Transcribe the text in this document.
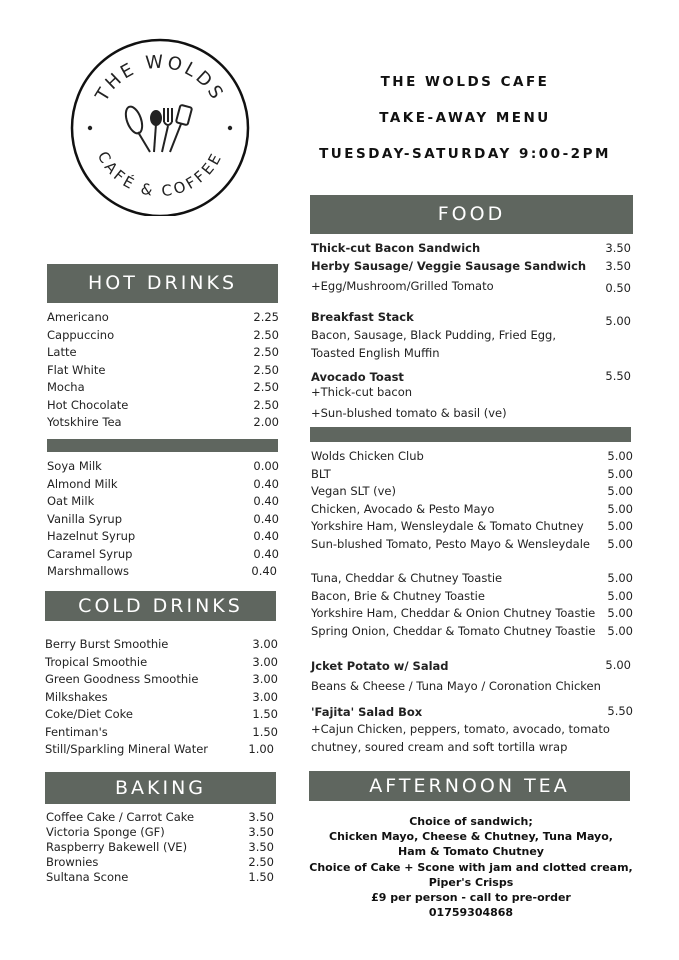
THE WOLDS
CAFÉ & COFFEE
THE WOLDS CAFE
TAKE-AWAY MENU
TUESDAY-SATURDAY 9:00-2PM
FOOD
Thick-cut Bacon Sandwich	3.50
Herby Sausage/ Veggie Sausage Sandwich 3.50
+Egg/Mushroom/Grilled Tomato	0.50
Breakfast Stack	5.00
Bacon, Sausage, Black Pudding, Fried Egg,
Toasted English Muffin
Avocado Toast	5.50
+Thick-cut bacon
+Sun-blushed tomato & basil (ve)
Wolds Chicken Club	5.00
BLT	5.00
Vegan SLT (ve)	5.00
Chicken, Avocado & Pesto Mayo	5.00
Yorkshire Ham, Wensleydale & Tomato Chutney 5.00
Sun-blushed Tomato, Pesto Mayo & Wensleydale 5.00
Tuna, Cheddar & Chutney Toastie	5.00
Bacon, Brie & Chutney Toastie	5.00
Yorkshire Ham, Cheddar & Onion Chutney Toastie 5.00
Spring Onion, Cheddar & Tomato Chutney Toastie 5.00
Jcket Potato w/ Salad	5.00
Beans & Cheese / Tuna Mayo / Coronation Chicken
'Fajita' Salad Box	5.50
+Cajun Chicken, peppers, tomato, avocado, tomato
chutney, soured cream and soft tortilla wrap
AFTERNOON TEA
Choice of sandwich;
Chicken Mayo, Cheese & Chutney, Tuna Mayo,
Ham & Tomato Chutney
Choice of Cake + Scone with jam and clotted cream,
Piper's Crisps
£9 per person - call to pre-order
01759304868
HOT DRINKS
Americano	2.25
Cappuccino	2.50
Latte	2.50
Flat White	2.50
Mocha	2.50
Hot Chocolate	2.50
Yotskhire Tea	2.00
Soya Milk	0.00
Almond Milk	0.40
Oat Milk	0.40
Vanilla Syrup	0.40
Hazelnut Syrup	0.40
Caramel Syrup	0.40
Marshmallows	0.40
COLD DRINKS
Berry Burst Smoothie	3.00
Tropical Smoothie	3.00
Green Goodness Smoothie	3.00
Milkshakes	3.00
Coke/Diet Coke	1.50
Fentiman's	1.50
Still/Sparkling Mineral Water	1.00
BAKING
Coffee Cake / Carrot Cake	3.50
Victoria Sponge (GF)	3.50
Raspberry Bakewell (VE)	3.50
Brownies	2.50
Sultana Scone	1.50
